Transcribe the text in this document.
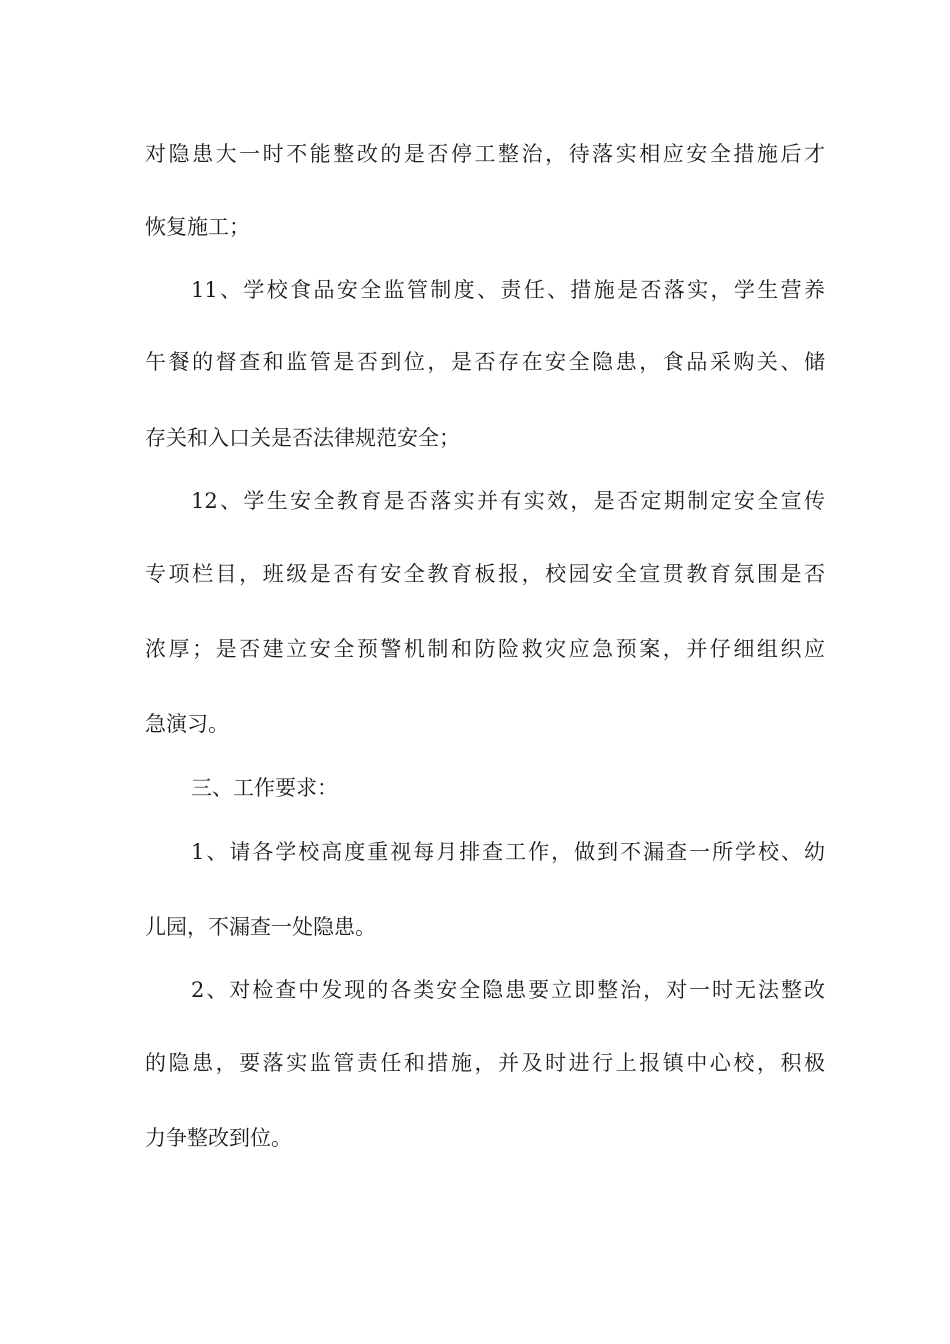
对隐患大一时不能整改的是否停工整治，待落实相应安全措施后才
恢复施工；
11、学校食品安全监管制度、责任、措施是否落实，学生营养
午餐的督查和监管是否到位，是否存在安全隐患，食品采购关、储
存关和入口关是否法律规范安全；
12、学生安全教育是否落实并有实效，是否定期制定安全宣传
专项栏目，班级是否有安全教育板报，校园安全宣贯教育氛围是否
浓厚；是否建立安全预警机制和防险救灾应急预案，并仔细组织应
急演习。
三、工作要求：
1、请各学校高度重视每月排查工作，做到不漏查一所学校、幼
儿园，不漏查一处隐患。
2、对检查中发现的各类安全隐患要立即整治，对一时无法整改
的隐患，要落实监管责任和措施，并及时进行上报镇中心校，积极
力争整改到位。
